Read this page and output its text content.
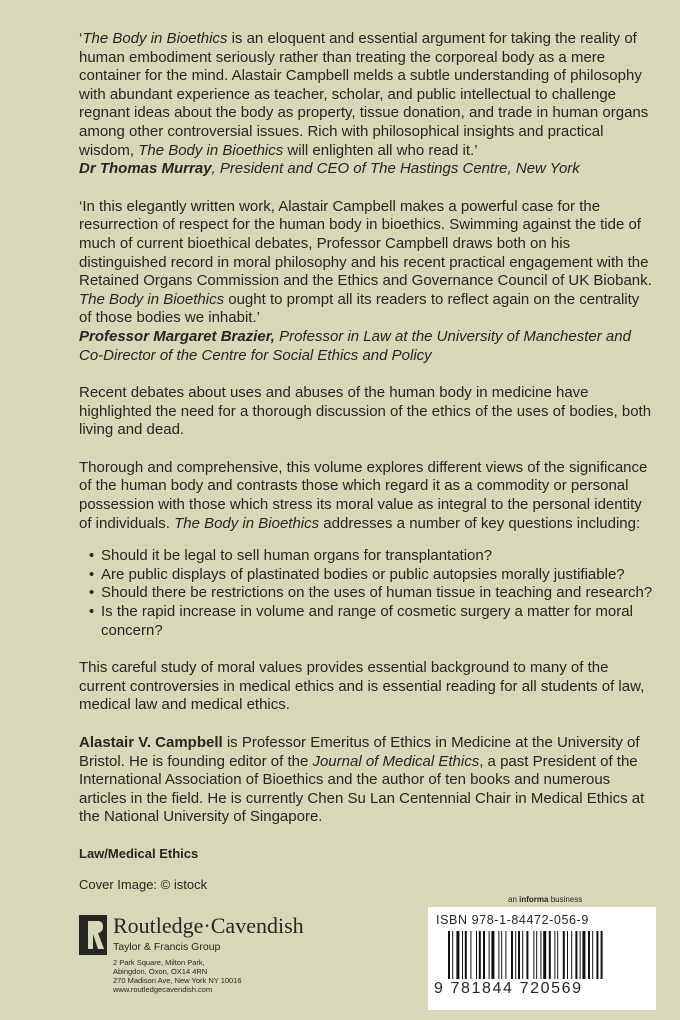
‘The Body in Bioethics is an eloquent and essential argument for taking the reality of human embodiment seriously rather than treating the corporeal body as a mere container for the mind. Alastair Campbell melds a subtle understanding of philosophy with abundant experience as teacher, scholar, and public intellectual to challenge regnant ideas about the body as property, tissue donation, and trade in human organs among other controversial issues. Rich with philosophical insights and practical wisdom, The Body in Bioethics will enlighten all who read it.’

Dr Thomas Murray, President and CEO of The Hastings Centre, New York

‘In this elegantly written work, Alastair Campbell makes a powerful case for the resurrection of respect for the human body in bioethics. Swimming against the tide of much of current bioethical debates, Professor Campbell draws both on his distinguished record in moral philosophy and his recent practical engagement with the Retained Organs Commission and the Ethics and Governance Council of UK Biobank. The Body in Bioethics ought to prompt all its readers to reflect again on the centrality of those bodies we inhabit.’

Professor Margaret Brazier, Professor in Law at the University of Manchester and Co-Director of the Centre for Social Ethics and Policy

Recent debates about uses and abuses of the human body in medicine have highlighted the need for a thorough discussion of the ethics of the uses of bodies, both living and dead.

Thorough and comprehensive, this volume explores different views of the significance of the human body and contrasts those which regard it as a commodity or personal possession with those which stress its moral value as integral to the personal identity of individuals. The Body in Bioethics addresses a number of key questions including:

• Should it be legal to sell human organs for transplantation?
• Are public displays of plastinated bodies or public autopsies morally justifiable?
• Should there be restrictions on the uses of human tissue in teaching and research?
• Is the rapid increase in volume and range of cosmetic surgery a matter for moral concern?

This careful study of moral values provides essential background to many of the current controversies in medical ethics and is essential reading for all students of law, medical law and medical ethics.

Alastair V. Campbell is Professor Emeritus of Ethics in Medicine at the University of Bristol. He is founding editor of the Journal of Medical Ethics, a past President of the International Association of Bioethics and the author of ten books and numerous articles in the field. He is currently Chen Su Lan Centennial Chair in Medical Ethics at the National University of Singapore.

Law/Medical Ethics
Cover Image: © istock
an informa business
Routledge·Cavendish
Taylor & Francis Group
2 Park Square, Milton Park,
Abingdon, Oxon, OX14 4RN
270 Madison Ave, New York NY 10016
www.routledgecavendish.com
ISBN 978-1-84472-056-9
9 781844 720569
